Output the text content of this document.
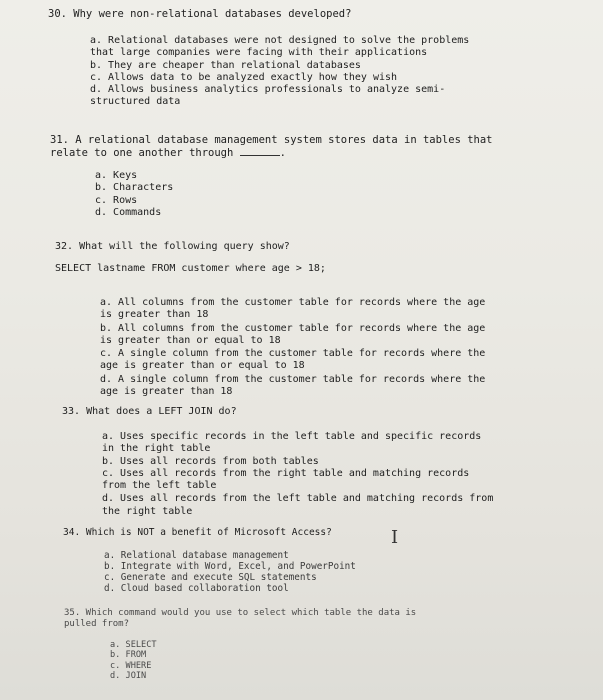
30. Why were non-relational databases developed?
a. Relational databases were not designed to solve the problems
that large companies were facing with their applications
b. They are cheaper than relational databases
c. Allows data to be analyzed exactly how they wish
d. Allows business analytics professionals to analyze semi-
structured data
31. A relational database management system stores data in tables that
relate to one another through	.
a. Keys
b. Characters
c. Rows
d. Commands
32. What will the following query show?
SELECT lastname FROM customer where age > 18;
a. All columns from the customer table for records where the age
is greater than 18
b. All columns from the customer table for records where the age
is greater than or equal to 18
c. A single column from the customer table for records where the
age is greater than or equal to 18
d. A single column from the customer table for records where the
age is greater than 18
33. What does a LEFT JOIN do?
a. Uses specific records in the left table and specific records
in the right table
b. Uses all records from both tables
c. Uses all records from the right table and matching records
from the left table
d. Uses all records from the left table and matching records from
the right table
34. Which is NOT a benefit of Microsoft Access?	I
a. Relational database management
b. Integrate with Word, Excel, and PowerPoint
c. Generate and execute SQL statements
d. Cloud based collaboration tool
35. Which command would you use to select which table the data is
pulled from?
a. SELECT
b. FROM
c. WHERE
d. JOIN
